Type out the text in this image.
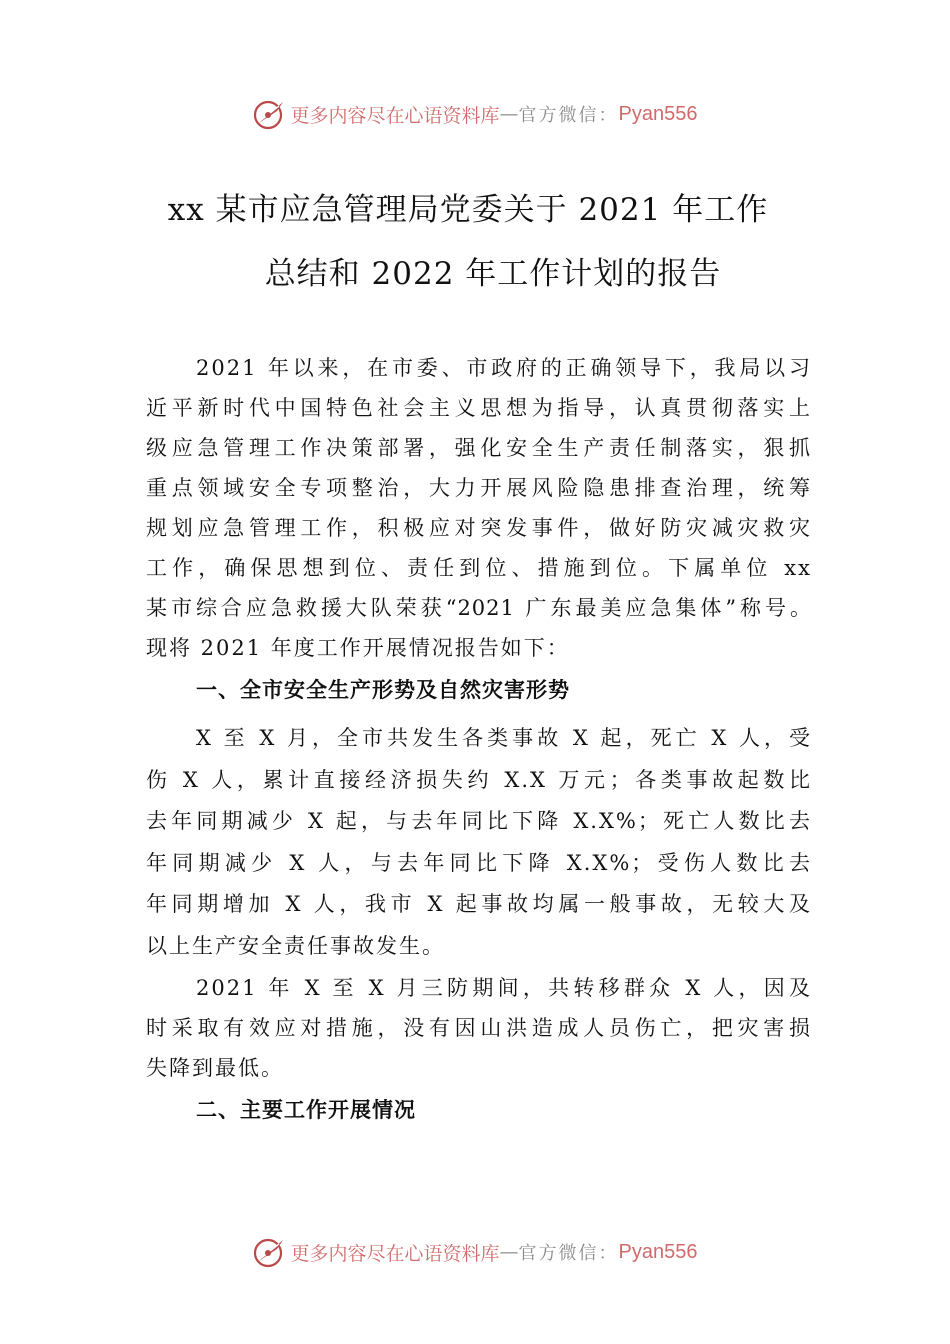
更多内容尽在心语资料库 — 官方微信： Pyan556
xx 某市应急管理局党委关于 2021 年工作
总结和 2022 年工作计划的报告
2021 年以来，在市委、市政府的正确领导下，我局以习
近平新时代中国特色社会主义思想为指导，认真贯彻落实上
级应急管理工作决策部署，强化安全生产责任制落实，狠抓
重点领域安全专项整治，大力开展风险隐患排查治理，统筹
规划应急管理工作，积极应对突发事件，做好防灾减灾救灾
工作，确保思想到位、责任到位、措施到位。下属单位 xx
某市综合应急救援大队荣获“2021 广东最美应急集体”称号。
现将 2021 年度工作开展情况报告如下：
一、全市安全生产形势及自然灾害形势
X 至 X 月，全市共发生各类事故 X 起，死亡 X 人，受
伤 X 人，累计直接经济损失约 X.X 万元；各类事故起数比
去年同期减少 X 起，与去年同比下降 X.X%；死亡人数比去
年同期减少 X 人，与去年同比下降 X.X%；受伤人数比去
年同期增加 X 人，我市 X 起事故均属一般事故，无较大及
以上生产安全责任事故发生。
2021 年 X 至 X 月三防期间，共转移群众 X 人，因及
时采取有效应对措施，没有因山洪造成人员伤亡，把灾害损
失降到最低。
二、主要工作开展情况
更多内容尽在心语资料库 — 官方微信： Pyan556
